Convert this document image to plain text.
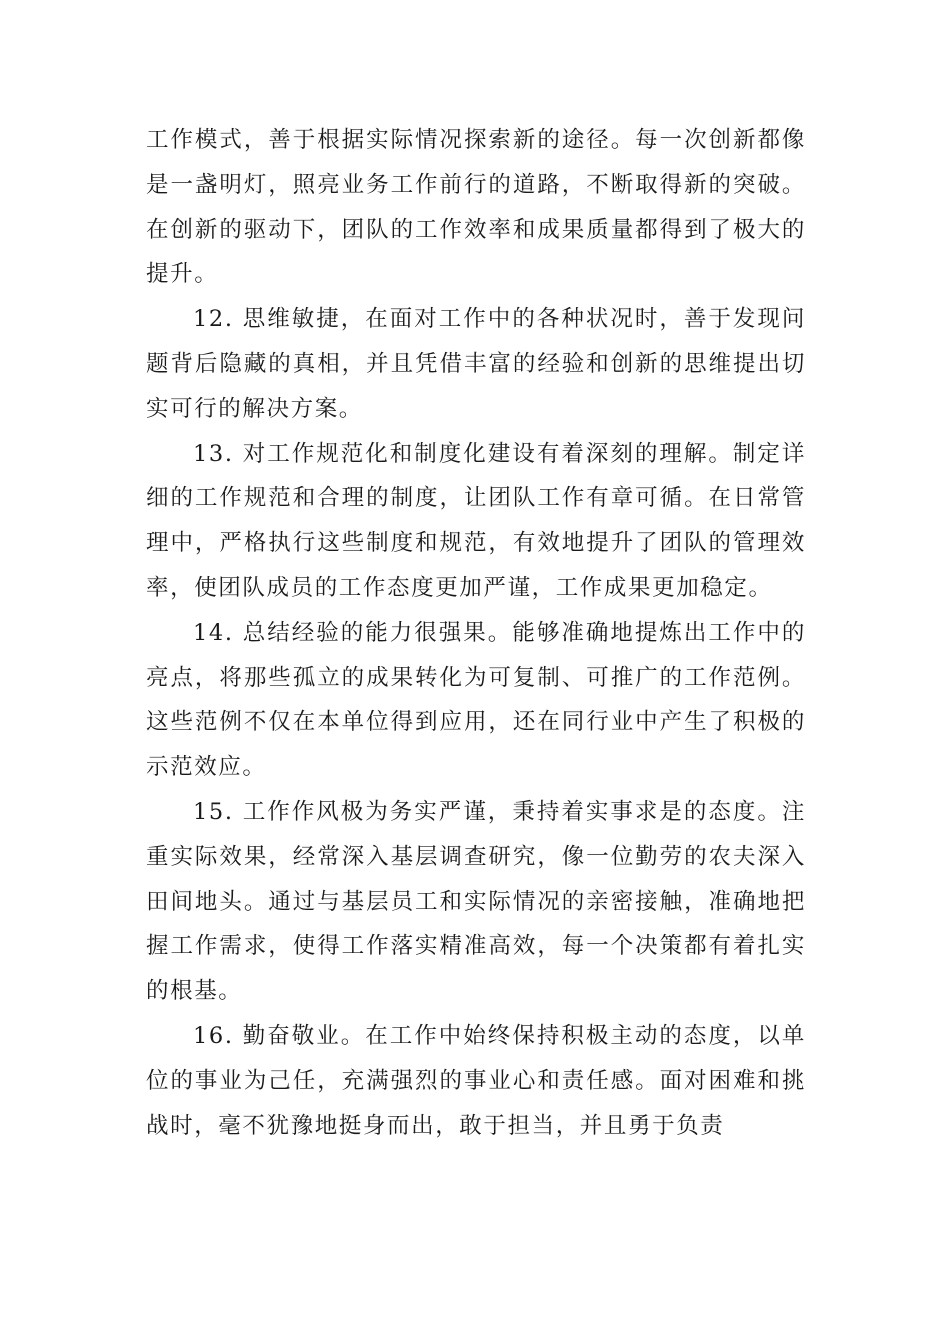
工作模式，善于根据实际情况探索新的途径。每一次创新都像是一盏明灯，照亮业务工作前行的道路，不断取得新的突破。在创新的驱动下，团队的工作效率和成果质量都得到了极大的提升。

12. 思维敏捷，在面对工作中的各种状况时，善于发现问题背后隐藏的真相，并且凭借丰富的经验和创新的思维提出切实可行的解决方案。

13. 对工作规范化和制度化建设有着深刻的理解。制定详细的工作规范和合理的制度，让团队工作有章可循。在日常管理中，严格执行这些制度和规范，有效地提升了团队的管理效率，使团队成员的工作态度更加严谨，工作成果更加稳定。

14. 总结经验的能力很强果。能够准确地提炼出工作中的亮点，将那些孤立的成果转化为可复制、可推广的工作范例。这些范例不仅在本单位得到应用，还在同行业中产生了积极的示范效应。

15. 工作作风极为务实严谨，秉持着实事求是的态度。注重实际效果，经常深入基层调查研究，像一位勤劳的农夫深入田间地头。通过与基层员工和实际情况的亲密接触，准确地把握工作需求，使得工作落实精准高效，每一个决策都有着扎实的根基。

16. 勤奋敬业。在工作中始终保持积极主动的态度，以单位的事业为己任，充满强烈的事业心和责任感。面对困难和挑战时，毫不犹豫地挺身而出，敢于担当，并且勇于负责
